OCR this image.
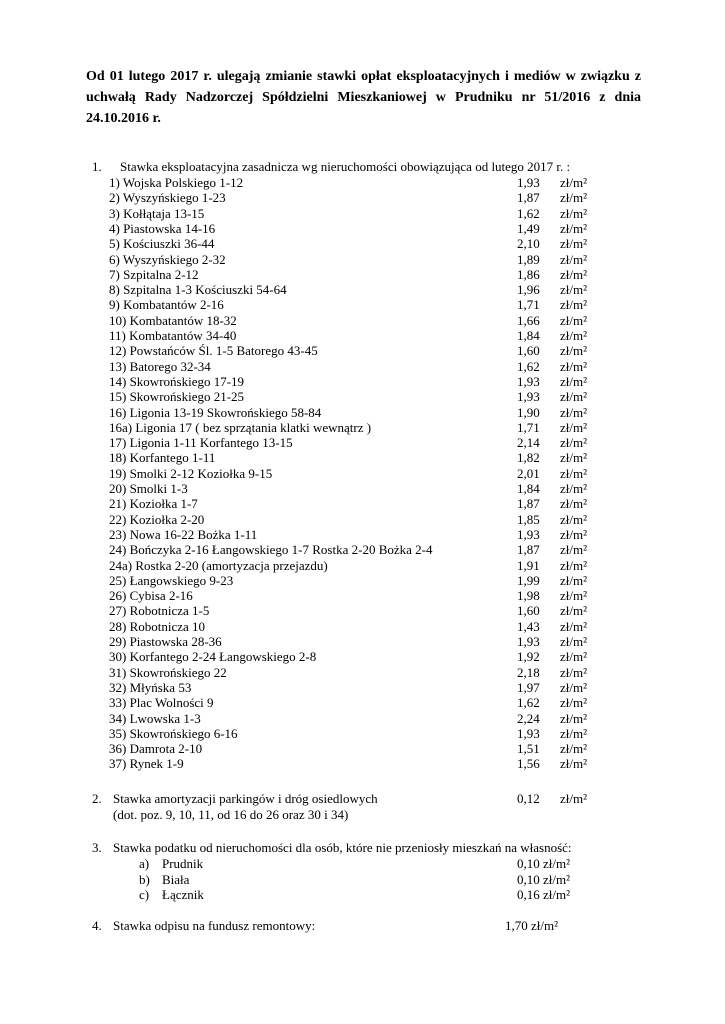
Od 01 lutego 2017 r. ulegają zmianie stawki opłat eksploatacyjnych i mediów w związku z uchwałą Rady Nadzorczej Spółdzielni Mieszkaniowej w Prudniku nr 51/2016 z dnia 24.10.2016 r.
1. Stawka eksploatacyjna zasadnicza wg nieruchomości obowiązująca od lutego 2017 r. :
1) Wojska Polskiego 1-12	1,93 zł/m²
2) Wyszyńskiego 1-23	1,87 zł/m²
3) Kołłątaja 13-15	1,62 zł/m²
4) Piastowska 14-16	1,49 zł/m²
5) Kościuszki 36-44	2,10 zł/m²
6) Wyszyńskiego 2-32	1,89 zł/m²
7) Szpitalna 2-12	1,86 zł/m²
8) Szpitalna 1-3 Kościuszki 54-64	1,96 zł/m²
9) Kombatantów 2-16	1,71 zł/m²
10) Kombatantów 18-32	1,66 zł/m²
11) Kombatantów 34-40	1,84 zł/m²
12) Powstańców Śl. 1-5 Batorego 43-45	1,60 zł/m²
13) Batorego 32-34	1,62 zł/m²
14) Skowrońskiego 17-19	1,93 zł/m²
15) Skowrońskiego 21-25	1,93 zł/m²
16) Ligonia 13-19 Skowrońskiego 58-84	1,90 zł/m²
16a) Ligonia 17 ( bez sprzątania klatki wewnątrz )	1,71 zł/m²
17) Ligonia 1-11 Korfantego 13-15	2,14 zł/m²
18) Korfantego 1-11	1,82 zł/m²
19) Smolki 2-12 Koziołka 9-15	2,01 zł/m²
20) Smolki 1-3	1,84 zł/m²
21) Koziołka 1-7	1,87 zł/m²
22) Koziołka 2-20	1,85 zł/m²
23) Nowa 16-22 Bożka 1-11	1,93 zł/m²
24) Bończyka 2-16 Łangowskiego 1-7 Rostka 2-20 Bożka 2-4	1,87 zł/m²
24a) Rostka 2-20 (amortyzacja przejazdu)	1,91 zł/m²
25) Łangowskiego 9-23	1,99 zł/m²
26) Cybisa 2-16	1,98 zł/m²
27) Robotnicza 1-5	1,60 zł/m²
28) Robotnicza 10	1,43 zł/m²
29) Piastowska 28-36	1,93 zł/m²
30) Korfantego 2-24 Łangowskiego 2-8	1,92 zł/m²
31) Skowrońskiego 22	2,18 zł/m²
32) Młyńska 53	1,97 zł/m²
33) Plac Wolności 9	1,62 zł/m²
34) Lwowska 1-3	2,24 zł/m²
35) Skowrońskiego 6-16	1,93 zł/m²
36) Damrota 2-10	1,51 zł/m²
37) Rynek 1-9	1,56 zł/m²
2. Stawka amortyzacji parkingów i dróg osiedlowych	0,12 zł/m²
(dot. poz. 9, 10, 11, od 16 do 26 oraz 30 i 34)
3. Stawka podatku od nieruchomości dla osób, które nie przeniosły mieszkań na własność:
a) Prudnik	0,10 zł/m²
b) Biała	0,10 zł/m²
c) Łącznik	0,16 zł/m²
4. Stawka odpisu na fundusz remontowy:	1,70 zł/m²
